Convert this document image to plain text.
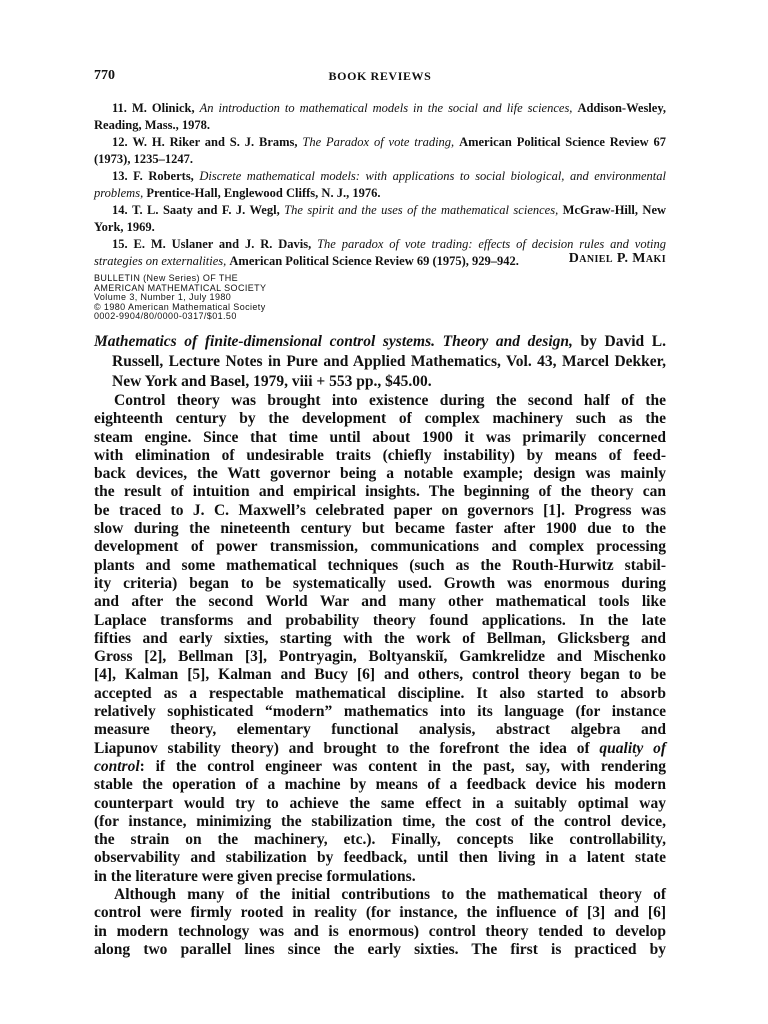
770	BOOK REVIEWS

11. M. Olinick, An introduction to mathematical models in the social and life sciences, Addison-Wesley, Reading, Mass., 1978.

12. W. H. Riker and S. J. Brams, The Paradox of vote trading, American Political Science Review 67 (1973), 1235–1247.

13. F. Roberts, Discrete mathematical models: with applications to social biological, and environmental problems, Prentice-Hall, Englewood Cliffs, N. J., 1976.

14. T. L. Saaty and F. J. Wegl, The spirit and the uses of the mathematical sciences, McGraw-Hill, New York, 1969.

15. E. M. Uslaner and J. R. Davis, The paradox of vote trading: effects of decision rules and voting strategies on externalities, American Political Science Review 69 (1975), 929–942.	Daniel P. Maki
BULLETIN (New Series) OF THE
AMERICAN MATHEMATICAL SOCIETY
Volume 3, Number 1, July 1980
© 1980 American Mathematical Society
0002-9904/80/0000-0317/$01.50
Mathematics of finite-dimensional control systems. Theory and design, by David L. Russell, Lecture Notes in Pure and Applied Mathematics, Vol. 43, Marcel Dekker, New York and Basel, 1979, viii + 553 pp., $45.00.
Control theory was brought into existence during the second half of the
eighteenth century by the development of complex machinery such as the
steam engine. Since that time until about 1900 it was primarily concerned
with elimination of undesirable traits (chiefly instability) by means of feed-
back devices, the Watt governor being a notable example; design was mainly
the result of intuition and empirical insights. The beginning of the theory can
be traced to J. C. Maxwell’s celebrated paper on governors [1]. Progress was
slow during the nineteenth century but became faster after 1900 due to the
development of power transmission, communications and complex processing
plants and some mathematical techniques (such as the Routh-Hurwitz stabil-
ity criteria) began to be systematically used. Growth was enormous during
and after the second World War and many other mathematical tools like
Laplace transforms and probability theory found applications. In the late
fifties and early sixties, starting with the work of Bellman, Glicksberg and
Gross [2], Bellman [3], Pontryagin, Boltyanskiĭ, Gamkrelidze and Mischenko
[4], Kalman [5], Kalman and Bucy [6] and others, control theory began to be
accepted as a respectable mathematical discipline. It also started to absorb
relatively sophisticated “modern” mathematics into its language (for instance
measure theory, elementary functional analysis, abstract algebra and
Liapunov stability theory) and brought to the forefront the idea of quality of
control: if the control engineer was content in the past, say, with rendering
stable the operation of a machine by means of a feedback device his modern
counterpart would try to achieve the same effect in a suitably optimal way
(for instance, minimizing the stabilization time, the cost of the control device,
the strain on the machinery, etc.). Finally, concepts like controllability,
observability and stabilization by feedback, until then living in a latent state
in the literature were given precise formulations.
Although many of the initial contributions to the mathematical theory of
control were firmly rooted in reality (for instance, the influence of [3] and [6]
in modern technology was and is enormous) control theory tended to develop
along two parallel lines since the early sixties. The first is practiced by
